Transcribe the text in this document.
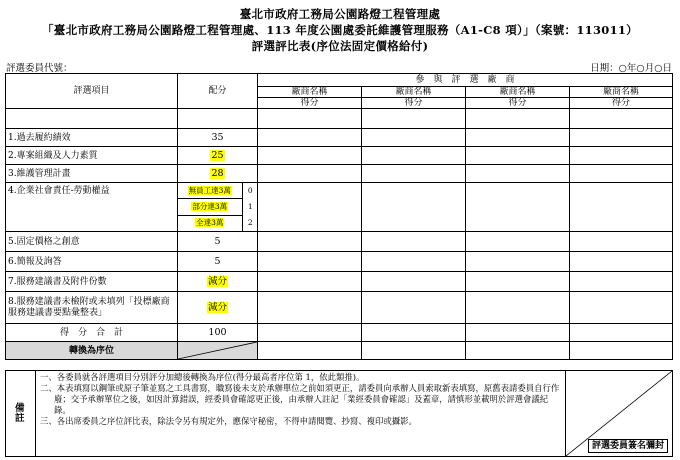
臺北市政府工務局公園路燈工程管理處
「臺北市政府工務局公園路燈工程管理處、113 年度公園處委託維護管理服務（A1-C8 項）」（案號：113011）
評選評比表(序位法固定價格給付)
評選委員代號：	日期：○年○月○日
評選項目	配分	參　與　評　選　廠　商
廠商名稱	廠商名稱	廠商名稱	廠商名稱
得分	得分	得分	得分

1.過去履約績效	35				
2.專案組織及人力素質	25				
3.維護管理計畫	28				
4.企業社會責任-勞動權益		無員工達3萬	0
部分達3萬	1
全達3萬	2

5.固定價格之創意	5				
6.簡報及詢答	5				
7.服務建議書及附件份數	減分				
8.服務建議書未檢附或未填列「投標廠商服務建議書要點彙整表」	減分				
得　分　合　計	100				
轉換為序位	

備註	
一、各委員就各評選項目分別評分加總後轉換為序位(得分最高者序位第 1，依此類推)。
二、本表填寫以鋼筆或原子筆並寫之工具書寫，職寫後未支於承辦單位之前如須更正，請委員向承辦人員索取新表填寫，原舊表請委員自行作廢；交予承辦單位之後，如因計算錯誤，經委員會確認更正後，由承辦人註記「業經委員會確認」及蓋章，請慎形並載明於評選會議紀錄。
三、各出席委員之序位評比表，除法令另有規定外，應保守秘密，不得申請閱覽、抄寫、複印或攝影。

評選委員簽名彌封
